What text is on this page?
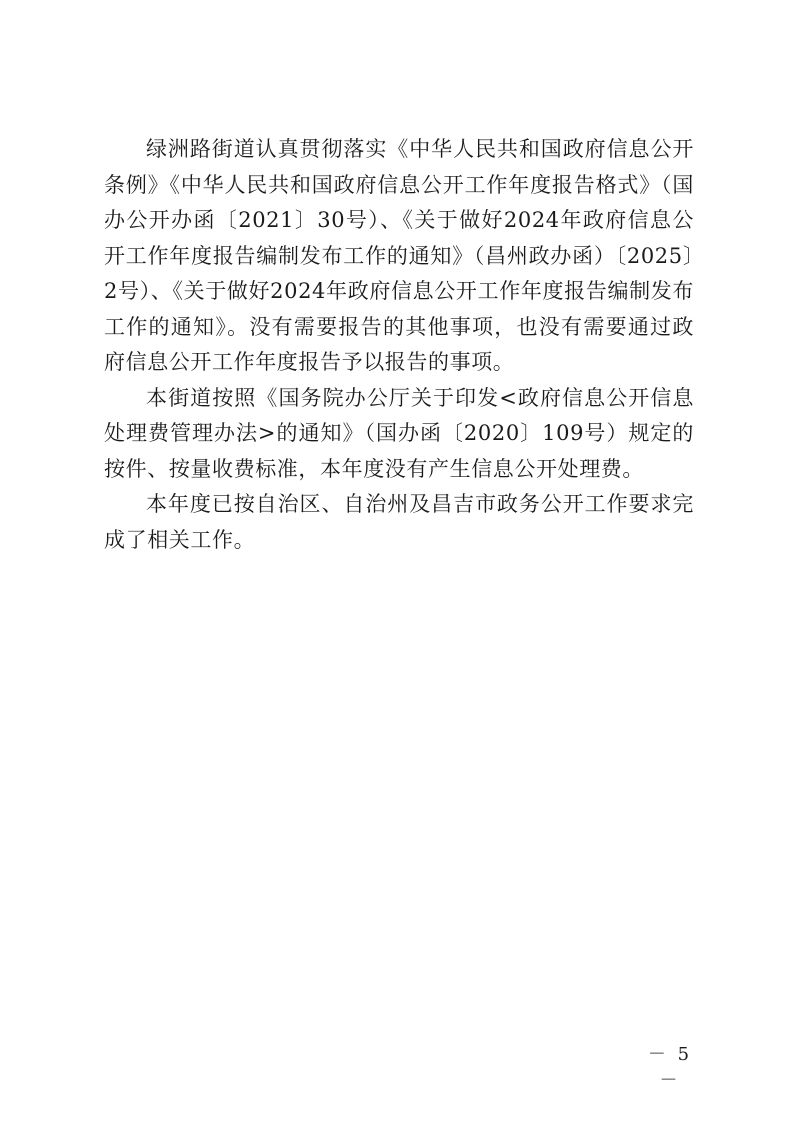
绿洲路街道认真贯彻落实《中华人民共和国政府信息公开条例》《中华人民共和国政府信息公开工作年度报告格式》（国办公开办函〔2021〕30号）、《关于做好2024年政府信息公开工作年度报告编制发布工作的通知》（昌州政办函）〔2025〕2号）、《关于做好2024年政府信息公开工作年度报告编制发布工作的通知》。没有需要报告的其他事项，也没有需要通过政府信息公开工作年度报告予以报告的事项。

本街道按照《国务院办公厅关于印发<政府信息公开信息处理费管理办法>的通知》（国办函〔2020〕109号）规定的按件、按量收费标准，本年度没有产生信息公开处理费。

本年度已按自治区、自治州及昌吉市政务公开工作要求完成了相关工作。

－ 5 －
